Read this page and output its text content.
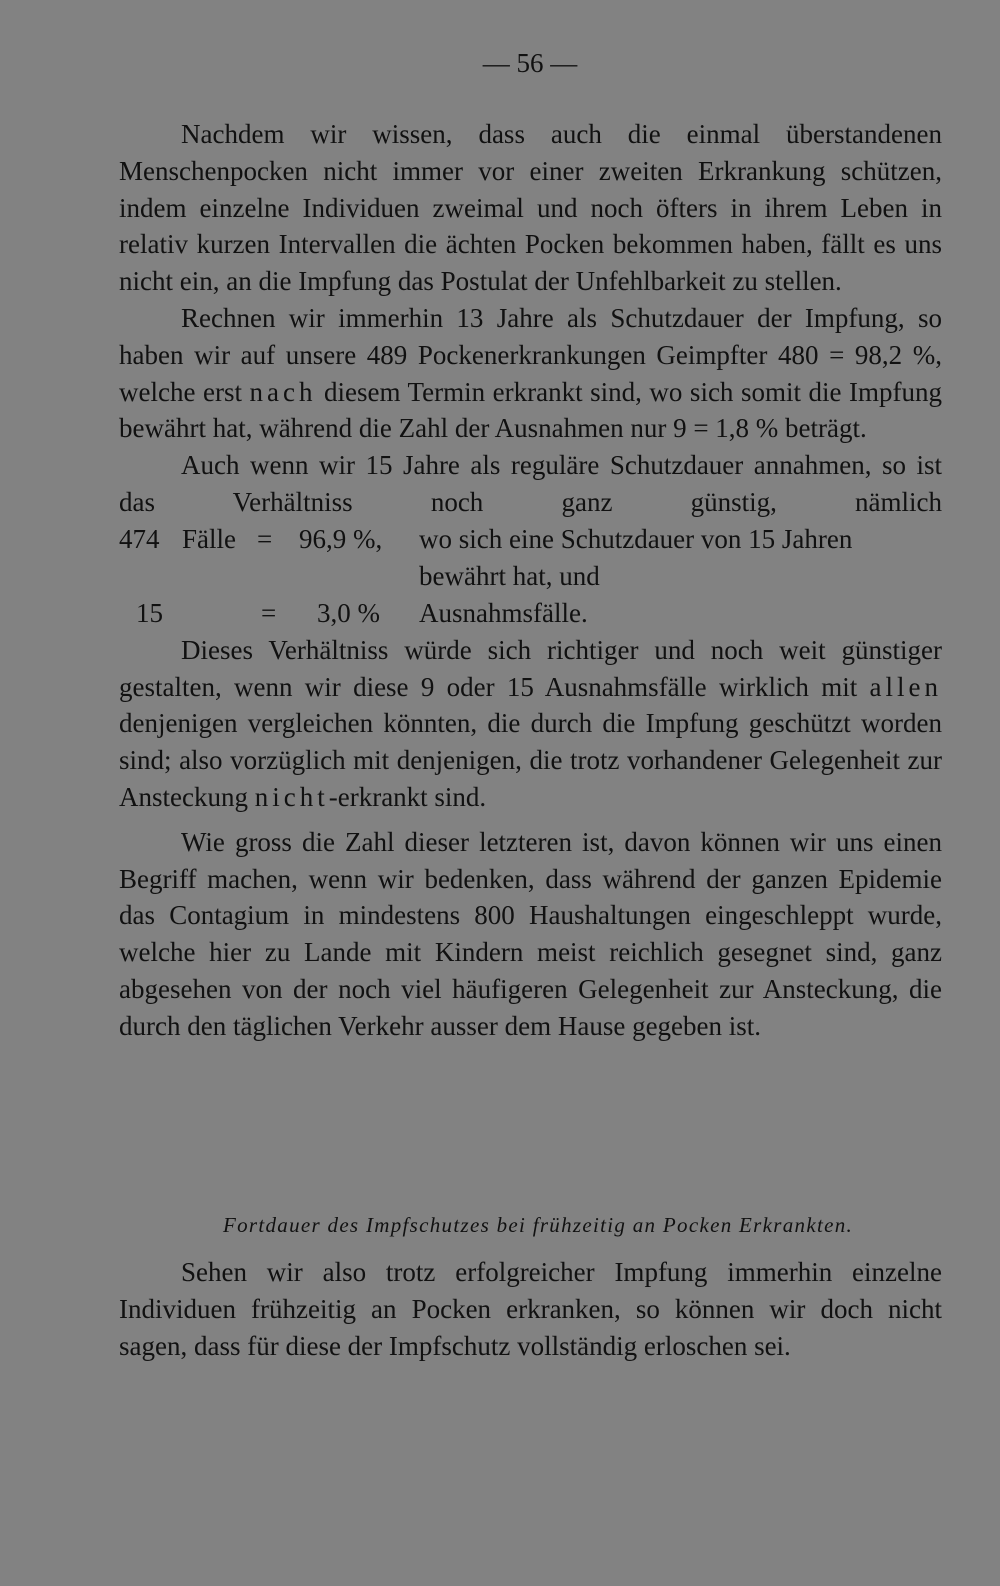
— 56 —

Nachdem wir wissen, dass auch die einmal überstandenen Menschenpocken nicht immer vor einer zweiten Erkrankung schützen, indem einzelne Individuen zweimal und noch öfters in ihrem Leben in relativ kurzen Intervallen die ächten Pocken bekommen haben, fällt es uns nicht ein, an die Impfung das Postulat der Unfehlbarkeit zu stellen.

Rechnen wir immerhin 13 Jahre als Schutzdauer der Impfung, so haben wir auf unsere 489 Pockenerkrankungen Geimpfter 480 = 98,2 %, welche erst nach diesem Termin erkrankt sind, wo sich somit die Impfung bewährt hat, während die Zahl der Ausnahmen nur 9 = 1,8 % beträgt.

Auch wenn wir 15 Jahre als reguläre Schutzdauer annahmen, so ist das Verhältniss noch ganz günstig, nämlich

474 Fälle = 96,9 %, wo sich eine Schutzdauer von 15 Jahren
bewährt hat, und
15	= 3,0 % Ausnahmsfälle.

Dieses Verhältniss würde sich richtiger und noch weit günstiger gestalten, wenn wir diese 9 oder 15 Ausnahmsfälle wirklich mit allen denjenigen vergleichen könnten, die durch die Impfung geschützt worden sind; also vorzüglich mit denjenigen, die trotz vorhandener Gelegenheit zur Ansteckung nicht-erkrankt sind.

Wie gross die Zahl dieser letzteren ist, davon können wir uns einen Begriff machen, wenn wir bedenken, dass während der ganzen Epidemie das Contagium in mindestens 800 Haushaltungen eingeschleppt wurde, welche hier zu Lande mit Kindern meist reichlich gesegnet sind, ganz abgesehen von der noch viel häufigeren Gelegenheit zur Ansteckung, die durch den täglichen Verkehr ausser dem Hause gegeben ist.

Fortdauer des Impfschutzes bei frühzeitig an Pocken Erkrankten.

Sehen wir also trotz erfolgreicher Impfung immerhin einzelne Individuen frühzeitig an Pocken erkranken, so können wir doch nicht sagen, dass für diese der Impfschutz vollständig erloschen sei.
